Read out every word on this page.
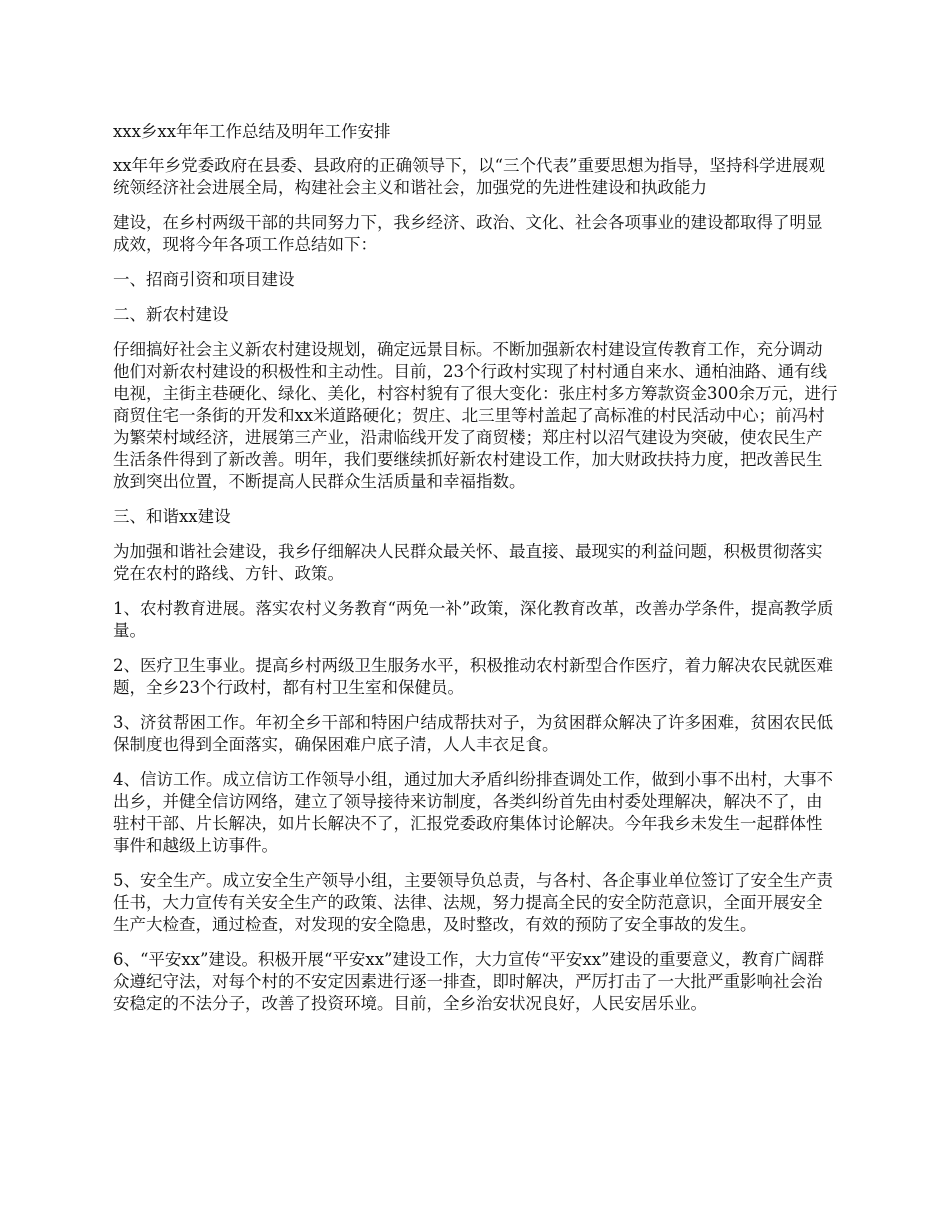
xxx乡xx年年工作总结及明年工作安排

xx年年乡党委政府在县委、县政府的正确领导下，以“三个代表”重要思想为指导，坚持科学进展观统领经济社会进展全局，构建社会主义和谐社会，加强党的先进性建设和执政能力

建设，在乡村两级干部的共同努力下，我乡经济、政治、文化、社会各项事业的建设都取得了明显成效，现将今年各项工作总结如下：

一、招商引资和项目建设

二、新农村建设

仔细搞好社会主义新农村建设规划，确定远景目标。不断加强新农村建设宣传教育工作，充分调动他们对新农村建设的积极性和主动性。目前，23个行政村实现了村村通自来水、通柏油路、通有线电视，主街主巷硬化、绿化、美化，村容村貌有了很大变化：张庄村多方筹款资金300余万元，进行商贸住宅一条街的开发和xx米道路硬化；贺庄、北三里等村盖起了高标准的村民活动中心；前冯村为繁荣村域经济，进展第三产业，沿肃临线开发了商贸楼；郑庄村以沼气建设为突破，使农民生产生活条件得到了新改善。明年，我们要继续抓好新农村建设工作，加大财政扶持力度，把改善民生放到突出位置，不断提高人民群众生活质量和幸福指数。

三、和谐xx建设

为加强和谐社会建设，我乡仔细解决人民群众最关怀、最直接、最现实的利益问题，积极贯彻落实党在农村的路线、方针、政策。

1、农村教育进展。落实农村义务教育“两免一补”政策，深化教育改革，改善办学条件，提高教学质量。

2、医疗卫生事业。提高乡村两级卫生服务水平，积极推动农村新型合作医疗，着力解决农民就医难题，全乡23个行政村，都有村卫生室和保健员。

3、济贫帮困工作。年初全乡干部和特困户结成帮扶对子，为贫困群众解决了许多困难，贫困农民低保制度也得到全面落实，确保困难户底子清，人人丰衣足食。

4、信访工作。成立信访工作领导小组，通过加大矛盾纠纷排查调处工作，做到小事不出村，大事不出乡，并健全信访网络，建立了领导接待来访制度，各类纠纷首先由村委处理解决，解决不了，由驻村干部、片长解决，如片长解决不了，汇报党委政府集体讨论解决。今年我乡未发生一起群体性事件和越级上访事件。

5、安全生产。成立安全生产领导小组，主要领导负总责，与各村、各企事业单位签订了安全生产责任书，大力宣传有关安全生产的政策、法律、法规，努力提高全民的安全防范意识，全面开展安全生产大检查，通过检查，对发现的安全隐患，及时整改，有效的预防了安全事故的发生。

6、“平安xx”建设。积极开展“平安xx”建设工作，大力宣传“平安xx”建设的重要意义，教育广阔群众遵纪守法，对每个村的不安定因素进行逐一排查，即时解决，严厉打击了一大批严重影响社会治安稳定的不法分子，改善了投资环境。目前，全乡治安状况良好，人民安居乐业。
